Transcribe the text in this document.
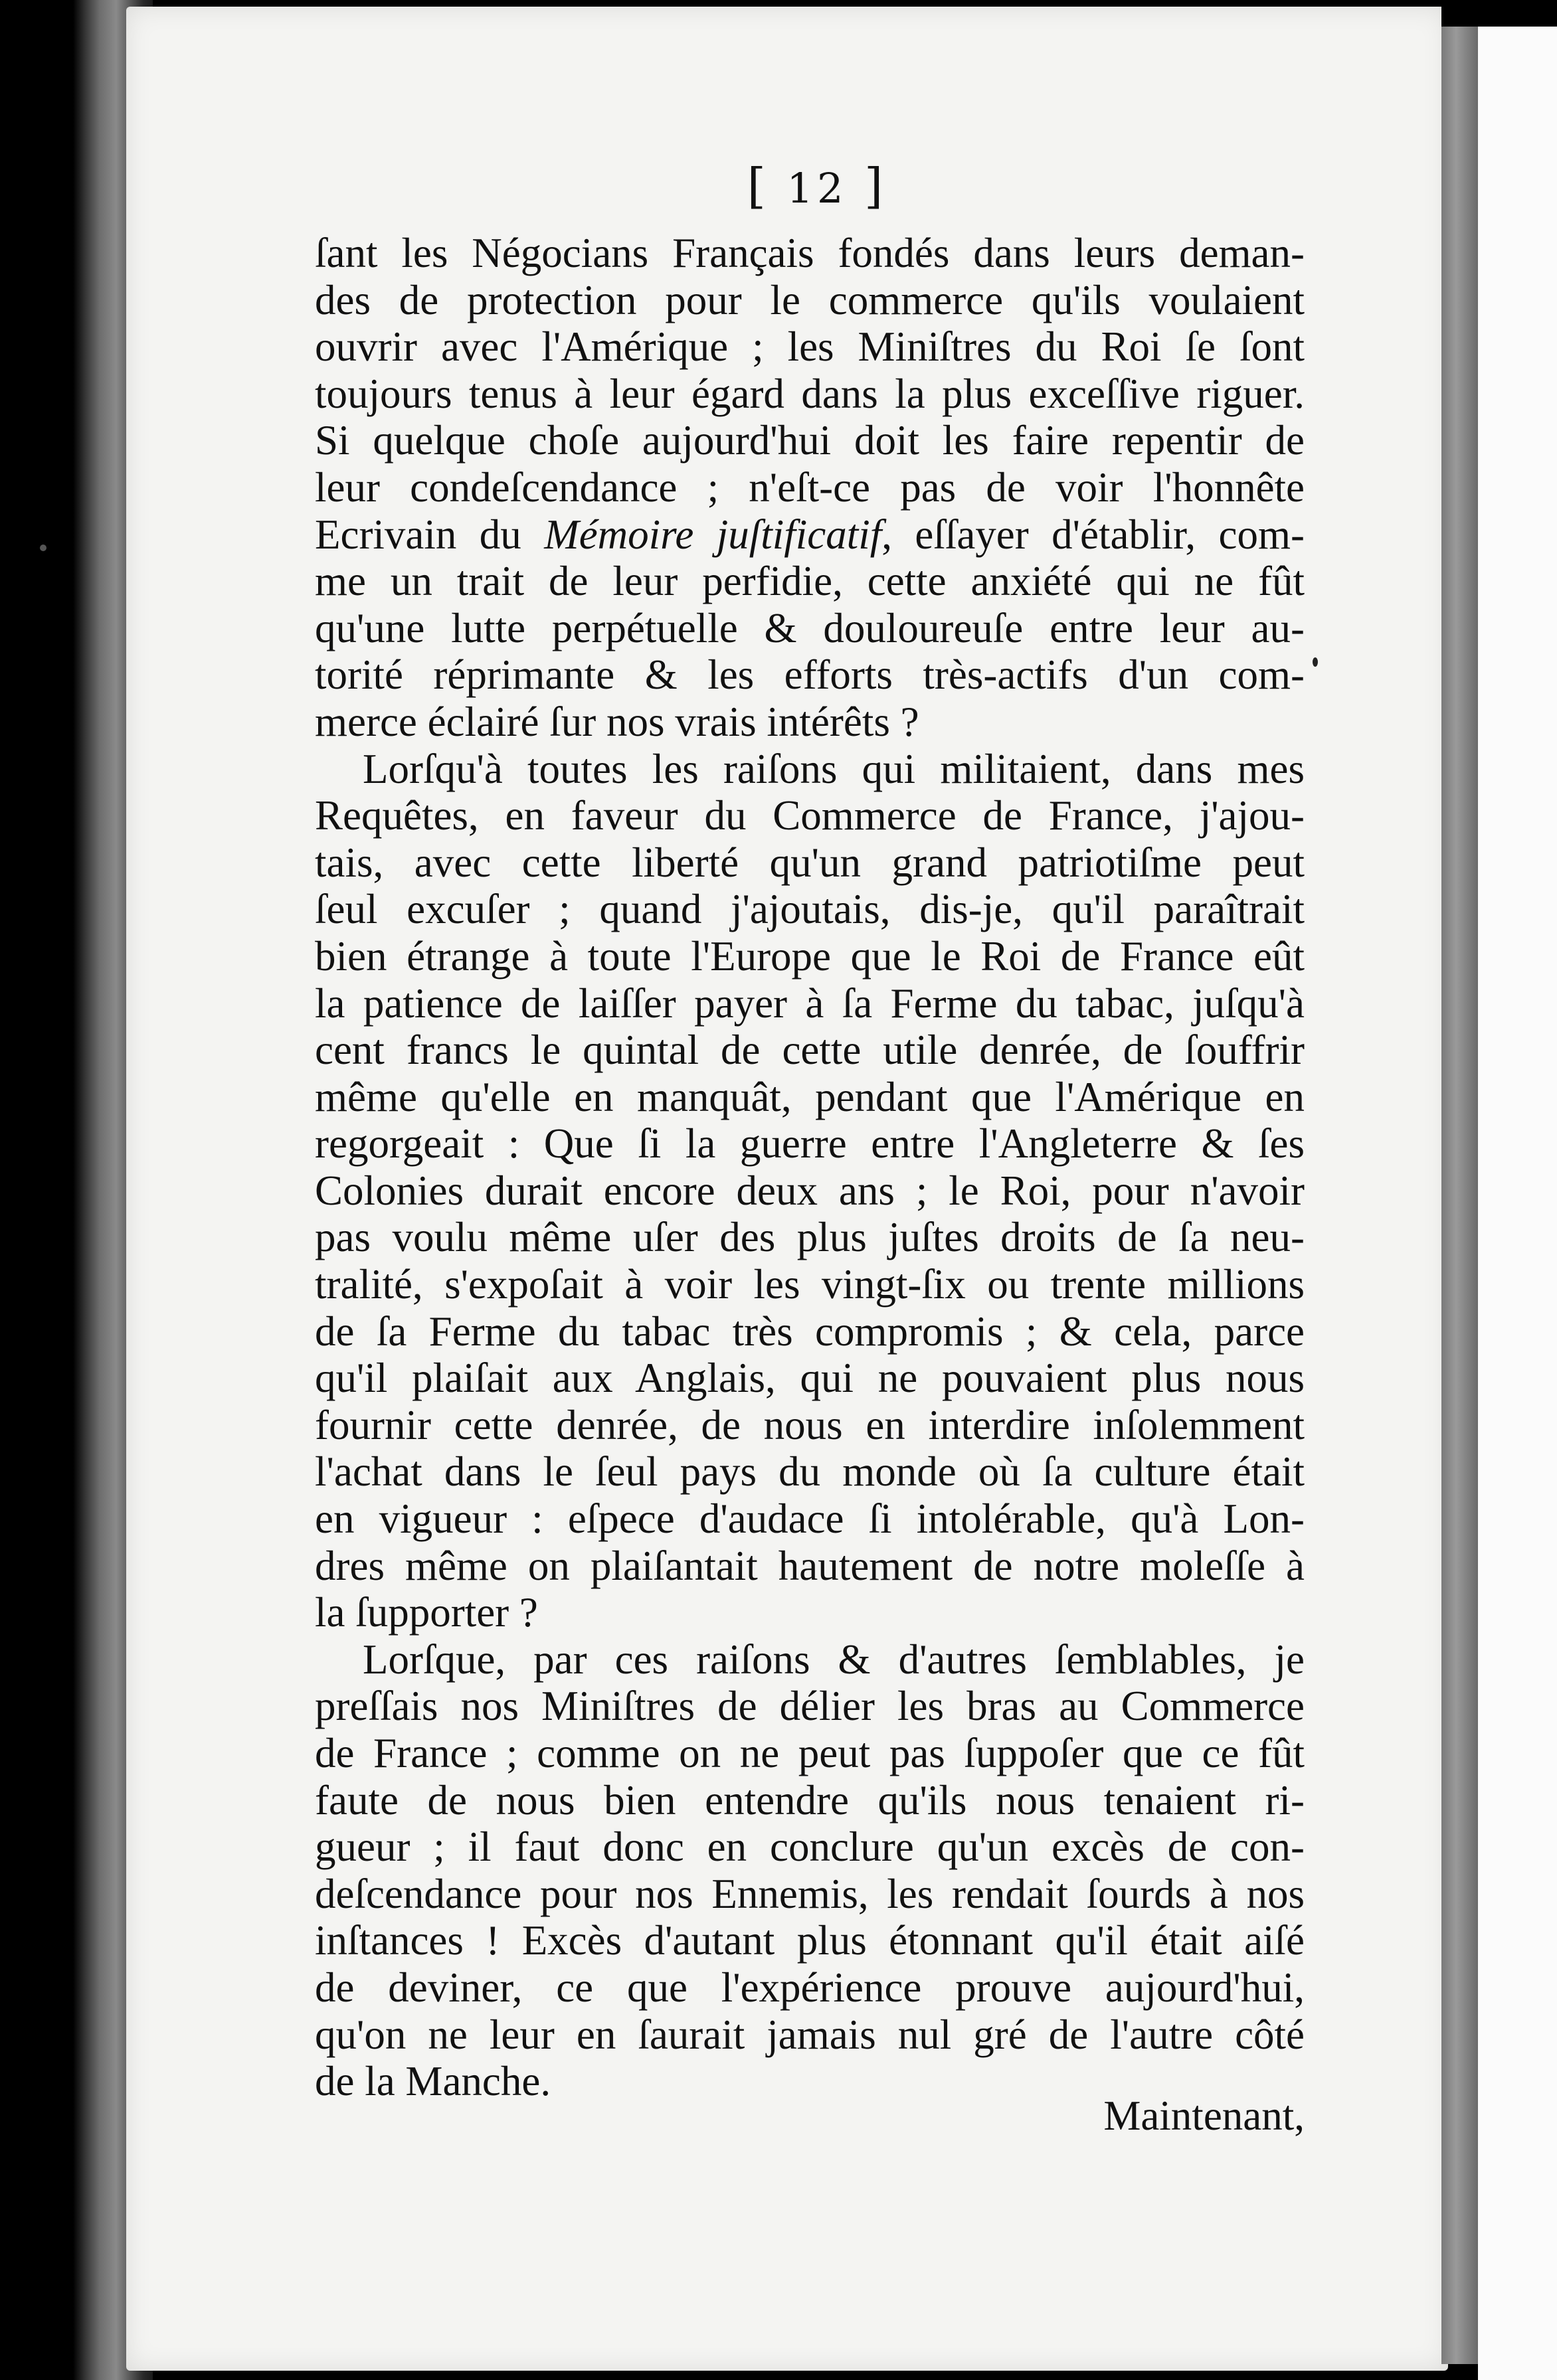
[ 12 ]
ſant les Négocians Français fondés dans leurs deman-
des de protection pour le commerce qu'ils voulaient
ouvrir avec l'Amérique ; les Miniſtres du Roi ſe ſont
toujours tenus à leur égard dans la plus exceſſive riguer.
Si quelque choſe aujourd'hui doit les faire repentir de
leur condeſcendance ; n'eſt-ce pas de voir l'honnête
Ecrivain du Mémoire juſtificatif, eſſayer d'établir, com-
me un trait de leur perfidie, cette anxiété qui ne fût
qu'une lutte perpétuelle & douloureuſe entre leur au-
torité réprimante & les efforts très-actifs d'un com-
merce éclairé ſur nos vrais intérêts ?
Lorſqu'à toutes les raiſons qui militaient, dans mes
Requêtes, en faveur du Commerce de France, j'ajou-
tais, avec cette liberté qu'un grand patriotiſme peut
ſeul excuſer ; quand j'ajoutais, dis-je, qu'il paraîtrait
bien étrange à toute l'Europe que le Roi de France eût
la patience de laiſſer payer à ſa Ferme du tabac, juſqu'à
cent francs le quintal de cette utile denrée, de ſouffrir
même qu'elle en manquât, pendant que l'Amérique en
regorgeait : Que ſi la guerre entre l'Angleterre & ſes
Colonies durait encore deux ans ; le Roi, pour n'avoir
pas voulu même uſer des plus juſtes droits de ſa neu-
tralité, s'expoſait à voir les vingt-ſix ou trente millions
de ſa Ferme du tabac très compromis ; & cela, parce
qu'il plaiſait aux Anglais, qui ne pouvaient plus nous
fournir cette denrée, de nous en interdire inſolemment
l'achat dans le ſeul pays du monde où ſa culture était
en vigueur : eſpece d'audace ſi intolérable, qu'à Lon-
dres même on plaiſantait hautement de notre moleſſe à
la ſupporter ?
Lorſque, par ces raiſons & d'autres ſemblables, je
preſſais nos Miniſtres de délier les bras au Commerce
de France ; comme on ne peut pas ſuppoſer que ce fût
faute de nous bien entendre qu'ils nous tenaient ri-
gueur ; il faut donc en conclure qu'un excès de con-
deſcendance pour nos Ennemis, les rendait ſourds à nos
inſtances ! Excès d'autant plus étonnant qu'il était aiſé
de deviner, ce que l'expérience prouve aujourd'hui,
qu'on ne leur en ſaurait jamais nul gré de l'autre côté
de la Manche.
Maintenant,
